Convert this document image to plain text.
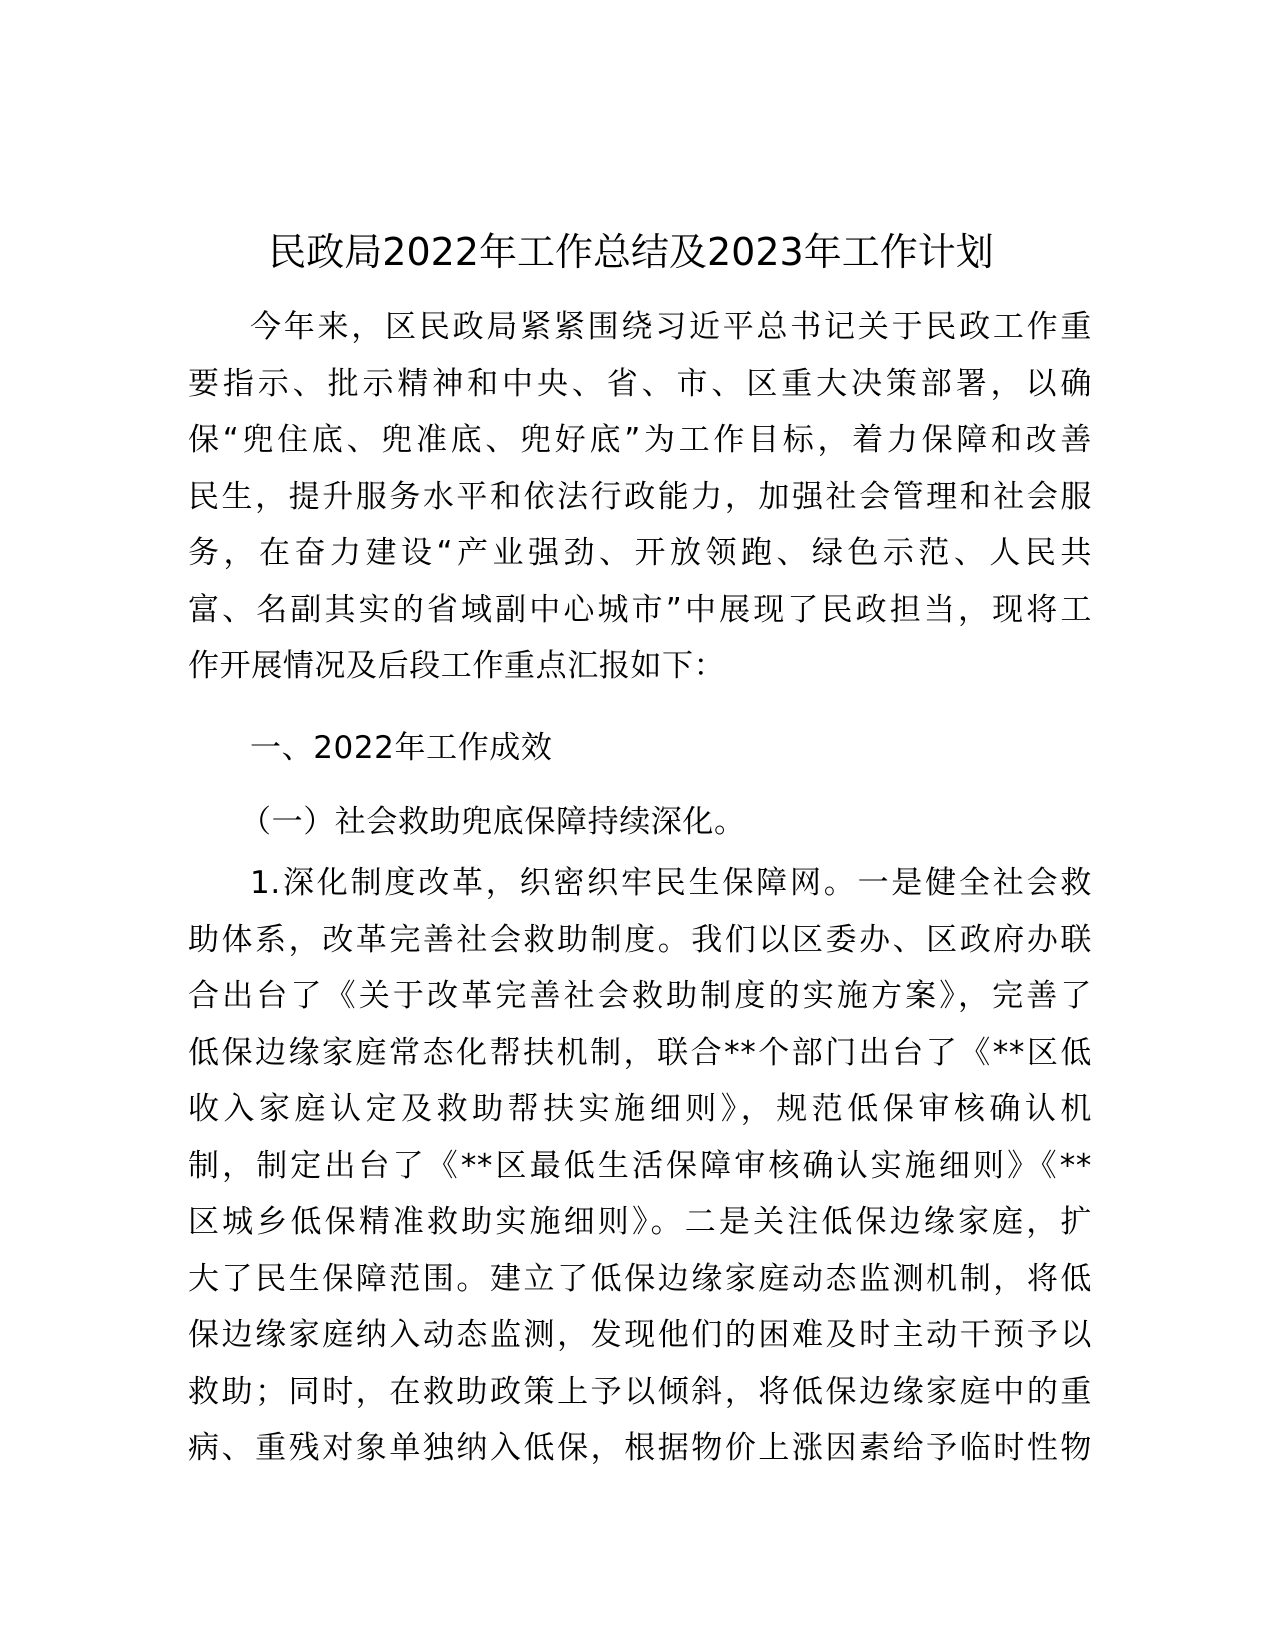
民政局2022年工作总结及2023年工作计划
今年来，区民政局紧紧围绕习近平总书记关于民政工作重
要指示、批示精神和中央、省、市、区重大决策部署，以确
保“兜住底、兜准底、兜好底”为工作目标，着力保障和改善
民生，提升服务水平和依法行政能力，加强社会管理和社会服
务，在奋力建设“产业强劲、开放领跑、绿色示范、人民共
富、名副其实的省域副中心城市”中展现了民政担当，现将工
作开展情况及后段工作重点汇报如下：
一、2022年工作成效
（一）社会救助兜底保障持续深化。
1.深化制度改革，织密织牢民生保障网。一是健全社会救
助体系，改革完善社会救助制度。我们以区委办、区政府办联
合出台了《关于改革完善社会救助制度的实施方案》，完善了
低保边缘家庭常态化帮扶机制，联合**个部门出台了《**区低
收入家庭认定及救助帮扶实施细则》，规范低保审核确认机
制，制定出台了《**区最低生活保障审核确认实施细则》《**
区城乡低保精准救助实施细则》。二是关注低保边缘家庭，扩
大了民生保障范围。建立了低保边缘家庭动态监测机制，将低
保边缘家庭纳入动态监测，发现他们的困难及时主动干预予以
救助；同时，在救助政策上予以倾斜，将低保边缘家庭中的重
病、重残对象单独纳入低保，根据物价上涨因素给予临时性物
